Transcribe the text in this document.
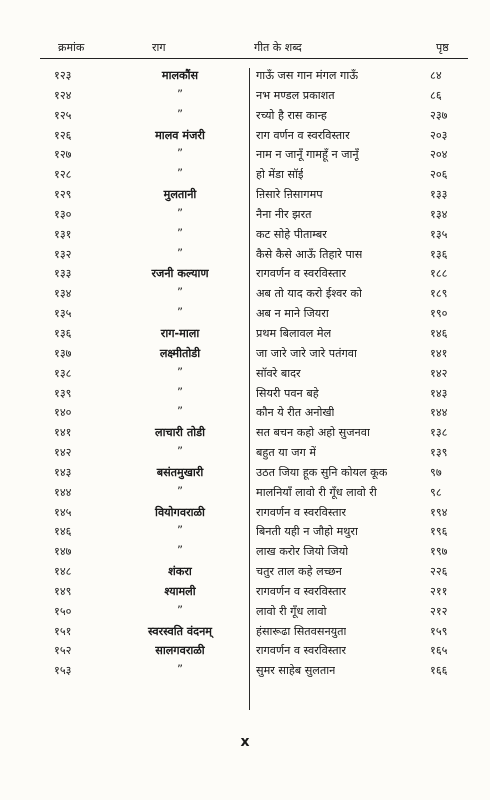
क्रमांक	राग	गीत के शब्द	पृष्ठ
१२३	मालकौंस	गाऊँ जस गान मंगल गाऊँ	८४
१२४	”	नभ मण्डल प्रकाशत	८६
१२५	”	रच्यो है रास कान्ह	२३७
१२६	मालव मंजरी	राग वर्णन व स्वरविस्तार	२०३
१२७	”	नाम न जानूँ गामहूँ न जानूँ	२०४
१२८	”	हो मेंडा सॉई	२०६
१२९	मुलतानी	ऩिसारे ऩिसागमप	१३३
१३०	”	नैना नीर झरत	१३४
१३१	”	कट सोहे पीताम्बर	१३५
१३२	”	कैसे कैसे आऊँ तिहारे पास	१३६
१३३	रजनी कल्याण	रागवर्णन व स्वरविस्तार	१८८
१३४	”	अब तो याद करो ईश्वर को	१८९
१३५	”	अब न माने जियरा	१९०
१३६	राग-माला	प्रथम बिलावल मेल	१४६
१३७	लक्ष्मीतोडी	जा जारे जारे जारे पतंगवा	१४१
१३८	”	सॉवरे बादर	१४२
१३९	”	सियरी पवन बहे	१४३
१४०	”	कौन ये रीत अनोखी	१४४
१४१	लाचारी तोडी	सत बचन कहो अहो सुजनवा	१३८
१४२	”	बहुत या जग में	१३९
१४३	बसंतमुखारी	उठत जिया हूक सुनि कोयल कूक	९७
१४४	”	मालनियाँ लावो री गूँध लावो री	९८
१४५	वियोगवराळी	रागवर्णन व स्वरविस्तार	१९४
१४६	”	बिनती यही न जौहो मथुरा	१९६
१४७	”	लाख करोर जियो जियो	१९७
१४८	शंकरा	चतुर ताल कहे लच्छन	२२६
१४९	श्यामली	रागवर्णन व स्वरविस्तार	२११
१५०	”	लावो री गूँध लावो	२१२
१५१	स्वरस्वति वंदनम्	हंसारूढा सितवसनयुता	१५९
१५२	सालगवराळी	रागवर्णन व स्वरविस्तार	१६५
१५३	”	सुमर साहेब सुलतान	१६६
x
